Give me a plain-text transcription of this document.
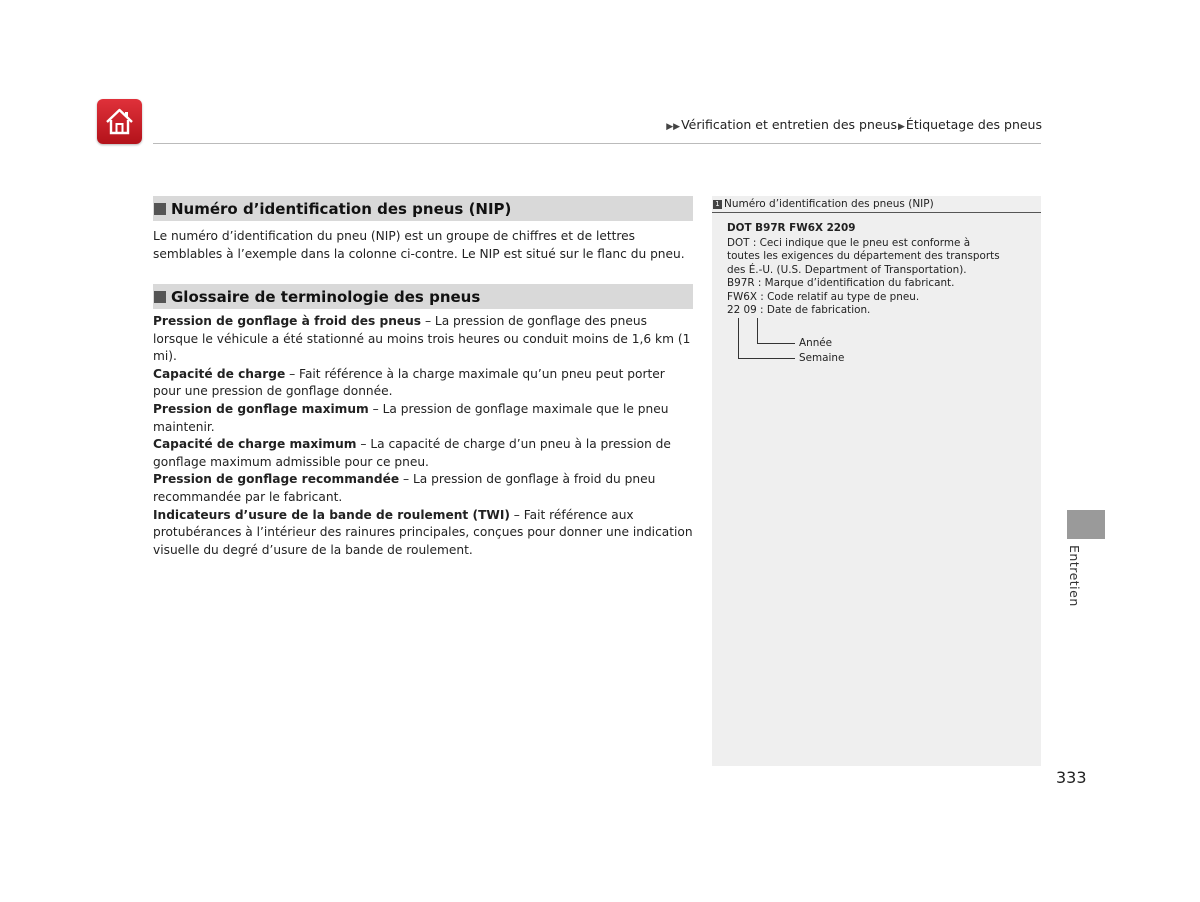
▶▶Vérification et entretien des pneus▶Étiquetage des pneus
Numéro d’identification des pneus (NIP)

Le numéro d’identification du pneu (NIP) est un groupe de chiffres et de lettres semblables à l’exemple dans la colonne ci-contre. Le NIP est situé sur le flanc du pneu.

Glossaire de terminologie des pneus

Pression de gonflage à froid des pneus – La pression de gonflage des pneus lorsque le véhicule a été stationné au moins trois heures ou conduit moins de 1,6 km (1 mi).

Capacité de charge – Fait référence à la charge maximale qu’un pneu peut porter pour une pression de gonflage donnée.

Pression de gonflage maximum – La pression de gonflage maximale que le pneu maintenir.

Capacité de charge maximum – La capacité de charge d’un pneu à la pression de gonflage maximum admissible pour ce pneu.

Pression de gonflage recommandée – La pression de gonflage à froid du pneu recommandée par le fabricant.

Indicateurs d’usure de la bande de roulement (TWI) – Fait référence aux protubérances à l’intérieur des rainures principales, conçues pour donner une indication visuelle du degré d’usure de la bande de roulement.

1 Numéro d’identification des pneus (NIP)
DOT B97R FW6X 2209
DOT : Ceci indique que le pneu est conforme à
toutes les exigences du département des transports
des É.-U. (U.S. Department of Transportation).
B97R : Marque d’identification du fabricant.
FW6X : Code relatif au type de pneu.
22 09 : Date de fabrication.
Année
Semaine
333
Entretien
